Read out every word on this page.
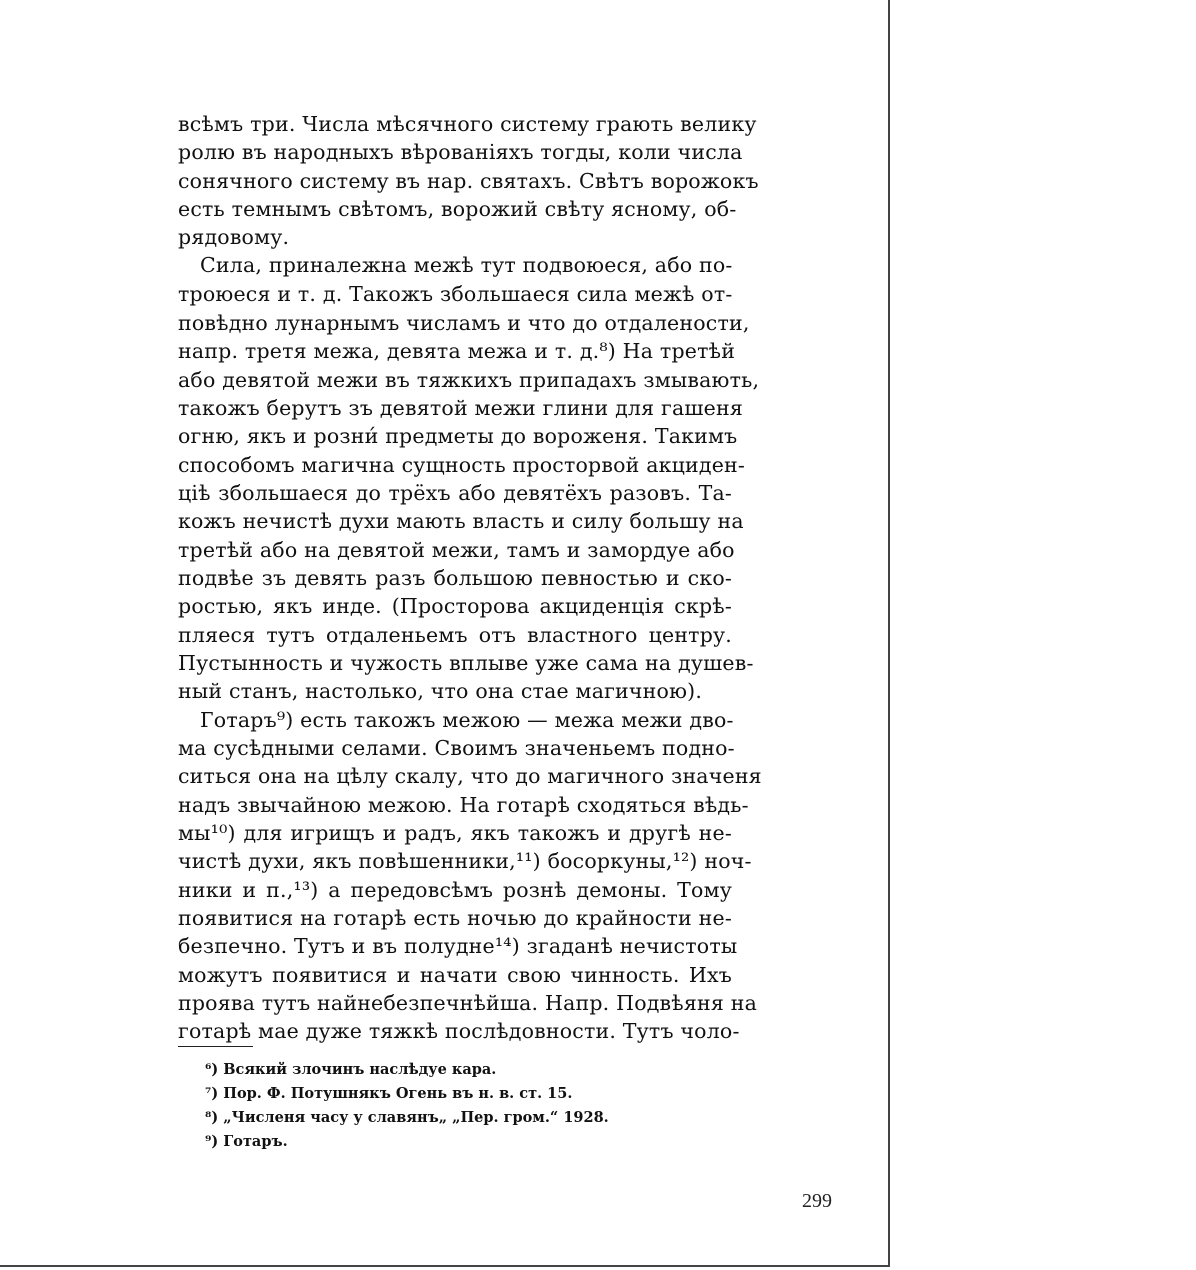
всѣмъ три. Числа мѣсячного системy грають велику
ролю въ народныхъ вѣрованіяхъ тогды, коли числа
сонячного системy въ нар. святахъ. Свѣтъ ворожокъ
есть темнымъ свѣтомъ, ворожий свѣту ясному, об-
рядовому.
Сила, принaлежна межѣ тут подвоюеся, або по-
троюеся и т. д. Такожъ збольшаеся сила межѣ от-
повѣдно лунарнымъ числамъ и что до отдалености,
напр. третя межа, девята межа и т. д.⁸) На третѣй
або девятой межи въ тяжкихъ припадахъ змывають,
такожъ берутъ зъ девятой межи глини для гашеня
огню, якъ и розни́ предметы до вороженя. Такимъ
способомъ магична сущность простoрвой акциден-
ціѣ збольшаеся до трёхъ або девятёхъ разовъ. Та-
кожъ нечистѣ духи мають власть и силу большу на
третѣй або на девятой межи, тамъ и замордуе або
подвѣе зъ девять разъ большою певностью и ско-
ростью, якъ инде. (Просторова акциденція скрѣ-
пляеся тутъ отдаленьемъ отъ властного центру.
Пустынность и чужость вплыве уже сама на душев-
ный станъ, настолько, что она стае магичною).
Готаръ⁹) есть такожъ межою — межа межи дво-
ма сусѣдными селами. Своимъ значеньемъ подно-
ситься она на цѣлу скалу, что до магичного значеня
надъ звычайною межою. На готарѣ сходяться вѣдь-
мы¹⁰) для игрищъ и радъ, якъ такожъ и другѣ не-
чистѣ духи, якъ повѣшенники,¹¹) бoсоркуны,¹²) ноч-
ники и п.,¹³) а передовсѣмъ рознѣ демоны. Тому
появитися на готарѣ есть ночью до крайности не-
безпечно. Тутъ и въ полудне¹⁴) згаданѣ нечистоты
можутъ появитися и начати свою чинность. Ихъ
проява тутъ найнебезпечнѣйша. Напр. Подвѣяня на
готарѣ мае дуже тяжкѣ послѣдовности. Тутъ чоло-
⁶) Всякий злочинъ наслѣдуе кара.
⁷) Пор. Ф. Потушнякъ Огень въ н. в. ст. 15.
⁸) „Численя часу у славянъ„ „Пер. гром.“ 1928.
⁹) Готаръ.
299
